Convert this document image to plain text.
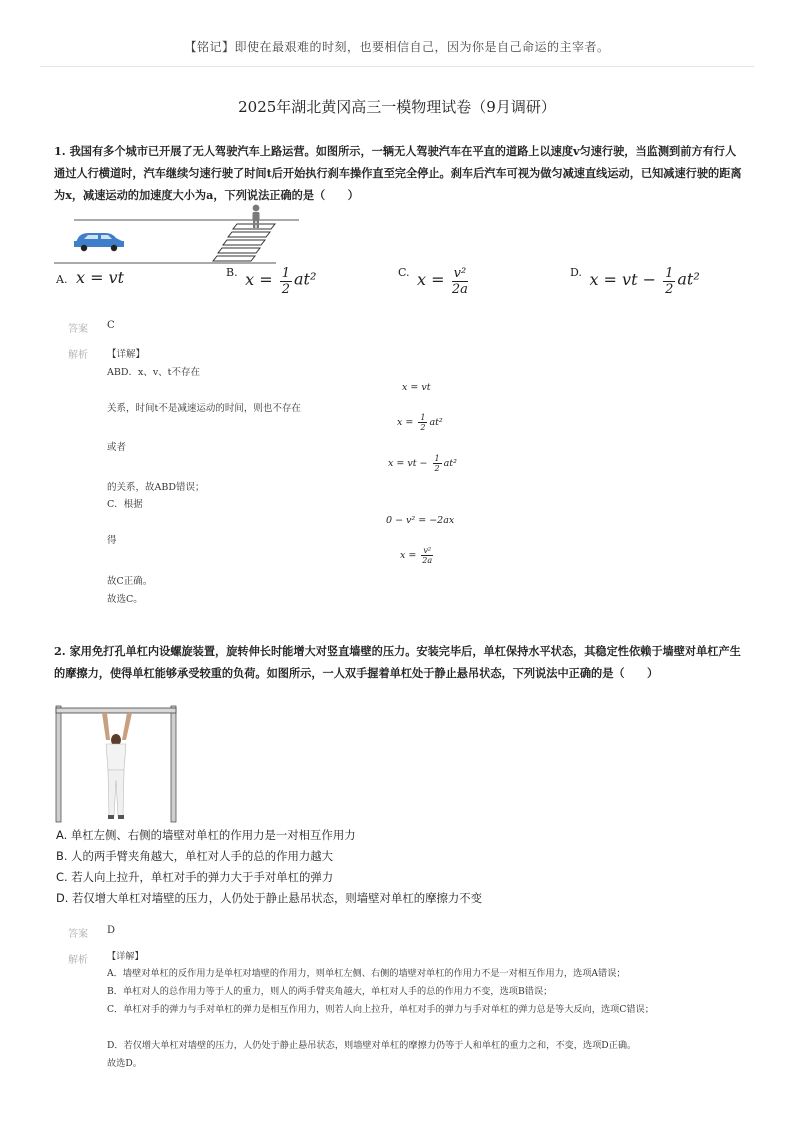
【铭记】即使在最艰难的时刻，也要相信自己，因为你是自己命运的主宰者。
2025年湖北黄冈高三一模物理试卷（9月调研）
1. 我国有多个城市已开展了无人驾驶汽车上路运营。如图所示，一辆无人驾驶汽车在平直的道路上以速度v匀速行驶，当监测到前方有行人通过人行横道时，汽车继续匀速行驶了时间t后开始执行刹车操作直至完全停止。刹车后汽车可视为做匀减速直线运动，已知减速行驶的距离为x，减速运动的加速度大小为a，下列说法正确的是（　　）
A. x = vt	B. $x = \frac{1}{2} at^2$	C. $x = \frac{\text{v²}}{2a}$	D. x = vt − $\frac{1}{2} at^2$
答案 C
解析 【详解】
ABD．x、v、t不存在
关系，时间t不是减速运动的时间，则也不存在
或者
的关系，故ABD错误；
C．根据
得
故C正确。
故选C。
x = vt
$x = \frac{1}{2} at^2$
x = vt − $\frac{1}{2} at^2$
0 − v² = −2ax
$x = \frac{\text{v²}}{2a}$
2. 家用免打孔单杠内设螺旋装置，旋转伸长时能增大对竖直墙壁的压力。安装完毕后，单杠保持水平状态，其稳定性依赖于墙壁对单杠产生的摩擦力，使得单杠能够承受较重的负荷。如图所示，一人双手握着单杠处于静止悬吊状态，下列说法中正确的是（　　）
A. 单杠左侧、右侧的墙壁对单杠的作用力是一对相互作用力
B. 人的两手臂夹角越大，单杠对人手的总的作用力越大
C. 若人向上拉升，单杠对手的弹力大于手对单杠的弹力
D. 若仅增大单杠对墙壁的压力，人仍处于静止悬吊状态，则墙壁对单杠的摩擦力不变
答案 D
解析 【详解】
A．墙壁对单杠的反作用力是单杠对墙壁的作用力，则单杠左侧、右侧的墙壁对单杠的作用力不是一对相互作用力，选项A错误；
B．单杠对人的总作用力等于人的重力，则人的两手臂夹角越大，单杠对人手的总的作用力不变，选项B错误；
C．单杠对手的弹力与手对单杠的弹力是相互作用力，则若人向上拉升，单杠对手的弹力与手对单杠的弹力总是等大反向，选项C错误；
D．若仅增大单杠对墙壁的压力，人仍处于静止悬吊状态，则墙壁对单杠的摩擦力仍等于人和单杠的重力之和，不变，选项D正确。
故选D。
